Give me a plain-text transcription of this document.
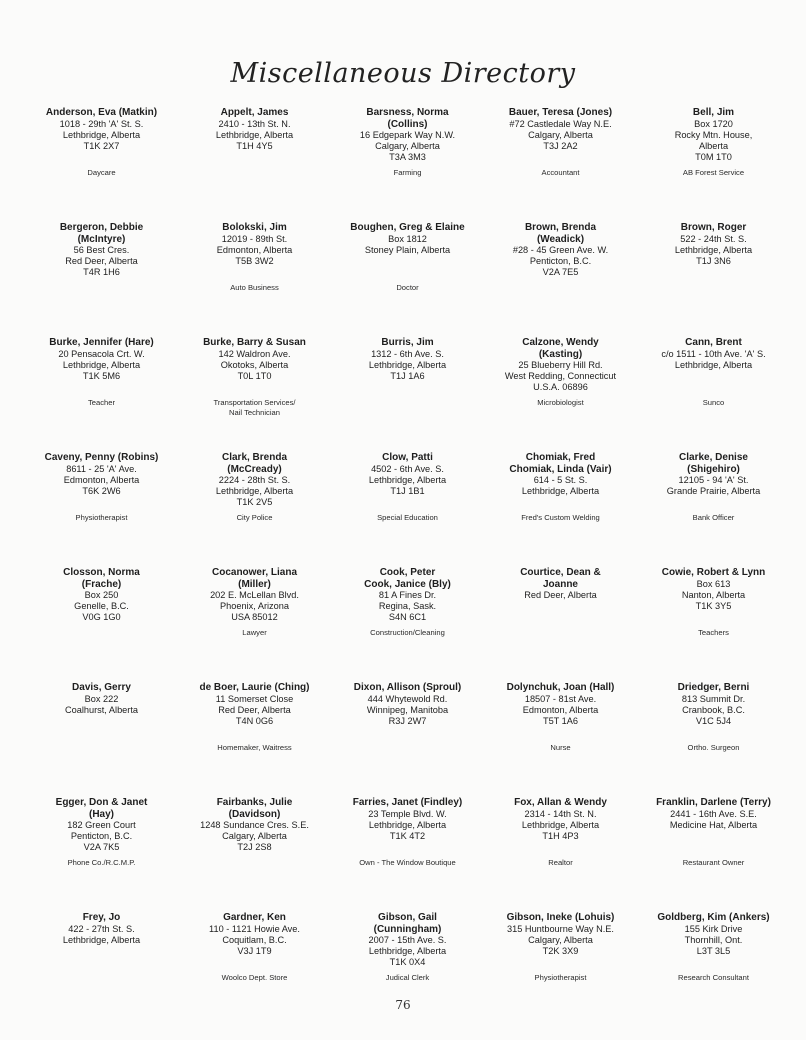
Miscellaneous Directory

Anderson, Eva (Matkin)

1018 - 29th 'A' St. S.
Lethbridge, Alberta
T1K 2X7

Daycare

Appelt, James

2410 - 13th St. N.
Lethbridge, Alberta
T1H 4Y5

Barsness, Norma
(Collins)

16 Edgepark Way N.W.
Calgary, Alberta
T3A 3M3

Farming

Bauer, Teresa (Jones)

#72 Castledale Way N.E.
Calgary, Alberta
T3J 2A2

Accountant

Bell, Jim

Box 1720
Rocky Mtn. House,
Alberta
T0M 1T0

AB Forest Service

Bergeron, Debbie
(McIntyre)

56 Best Cres.
Red Deer, Alberta
T4R 1H6

Bolokski, Jim

12019 - 89th St.
Edmonton, Alberta
T5B 3W2

Auto Business

Boughen, Greg & Elaine

Box 1812
Stoney Plain, Alberta

Doctor

Brown, Brenda
(Weadick)

#28 - 45 Green Ave. W.
Penticton, B.C.
V2A 7E5

Brown, Roger

522 - 24th St. S.
Lethbridge, Alberta
T1J 3N6

Burke, Jennifer (Hare)

20 Pensacola Crt. W.
Lethbridge, Alberta
T1K 5M6

Teacher

Burke, Barry & Susan

142 Waldron Ave.
Okotoks, Alberta
T0L 1T0

Transportation Services/
Nail Technician

Burris, Jim

1312 - 6th Ave. S.
Lethbridge, Alberta
T1J 1A6

Calzone, Wendy
(Kasting)

25 Blueberry Hill Rd.
West Redding, Connecticut
U.S.A. 06896

Microbiologist

Cann, Brent

c/o 1511 - 10th Ave. 'A' S.
Lethbridge, Alberta

Sunco

Caveny, Penny (Robins)

8611 - 25 'A' Ave.
Edmonton, Alberta
T6K 2W6

Physiotherapist

Clark, Brenda
(McCready)

2224 - 28th St. S.
Lethbridge, Alberta
T1K 2V5

City Police

Clow, Patti

4502 - 6th Ave. S.
Lethbridge, Alberta
T1J 1B1

Special Education

Chomiak, Fred
Chomiak, Linda (Vair)

614 - 5 St. S.
Lethbridge, Alberta

Fred's Custom Welding

Clarke, Denise
(Shigehiro)

12105 - 94 'A' St.
Grande Prairie, Alberta

Bank Officer

Closson, Norma
(Frache)

Box 250
Genelle, B.C.
V0G 1G0

Cocanower, Liana
(Miller)

202 E. McLellan Blvd.
Phoenix, Arizona
USA 85012

Lawyer

Cook, Peter
Cook, Janice (Bly)

81 A Fines Dr.
Regina, Sask.
S4N 6C1

Construction/Cleaning

Courtice, Dean &
Joanne

Red Deer, Alberta

Cowie, Robert & Lynn

Box 613
Nanton, Alberta
T1K 3Y5

Teachers

Davis, Gerry

Box 222
Coalhurst, Alberta

de Boer, Laurie (Ching)

11 Somerset Close
Red Deer, Alberta
T4N 0G6

Homemaker, Waitress

Dixon, Allison (Sproul)

444 Whytewold Rd.
Winnipeg, Manitoba
R3J 2W7

Dolynchuk, Joan (Hall)

18507 - 81st Ave.
Edmonton, Alberta
T5T 1A6

Nurse

Driedger, Berni

813 Summit Dr.
Cranbook, B.C.
V1C 5J4

Ortho. Surgeon

Egger, Don & Janet
(Hay)

182 Green Court
Penticton, B.C.
V2A 7K5

Phone Co./R.C.M.P.

Fairbanks, Julie
(Davidson)

1248 Sundance Cres. S.E.
Calgary, Alberta
T2J 2S8

Farries, Janet (Findley)

23 Temple Blvd. W.
Lethbridge, Alberta
T1K 4T2

Own - The Window Boutique

Fox, Allan & Wendy

2314 - 14th St. N.
Lethbridge, Alberta
T1H 4P3

Realtor

Franklin, Darlene (Terry)

2441 - 16th Ave. S.E.
Medicine Hat, Alberta

Restaurant Owner

Frey, Jo

422 - 27th St. S.
Lethbridge, Alberta

Gardner, Ken

110 - 1121 Howie Ave.
Coquitlam, B.C.
V3J 1T9

Woolco Dept. Store

Gibson, Gail
(Cunningham)

2007 - 15th Ave. S.
Lethbridge, Alberta
T1K 0X4

Judical Clerk

Gibson, Ineke (Lohuis)

315 Huntbourne Way N.E.
Calgary, Alberta
T2K 3X9

Physiotherapist

Goldberg, Kim (Ankers)

155 Kirk Drive
Thornhill, Ont.
L3T 3L5

Research Consultant
76
